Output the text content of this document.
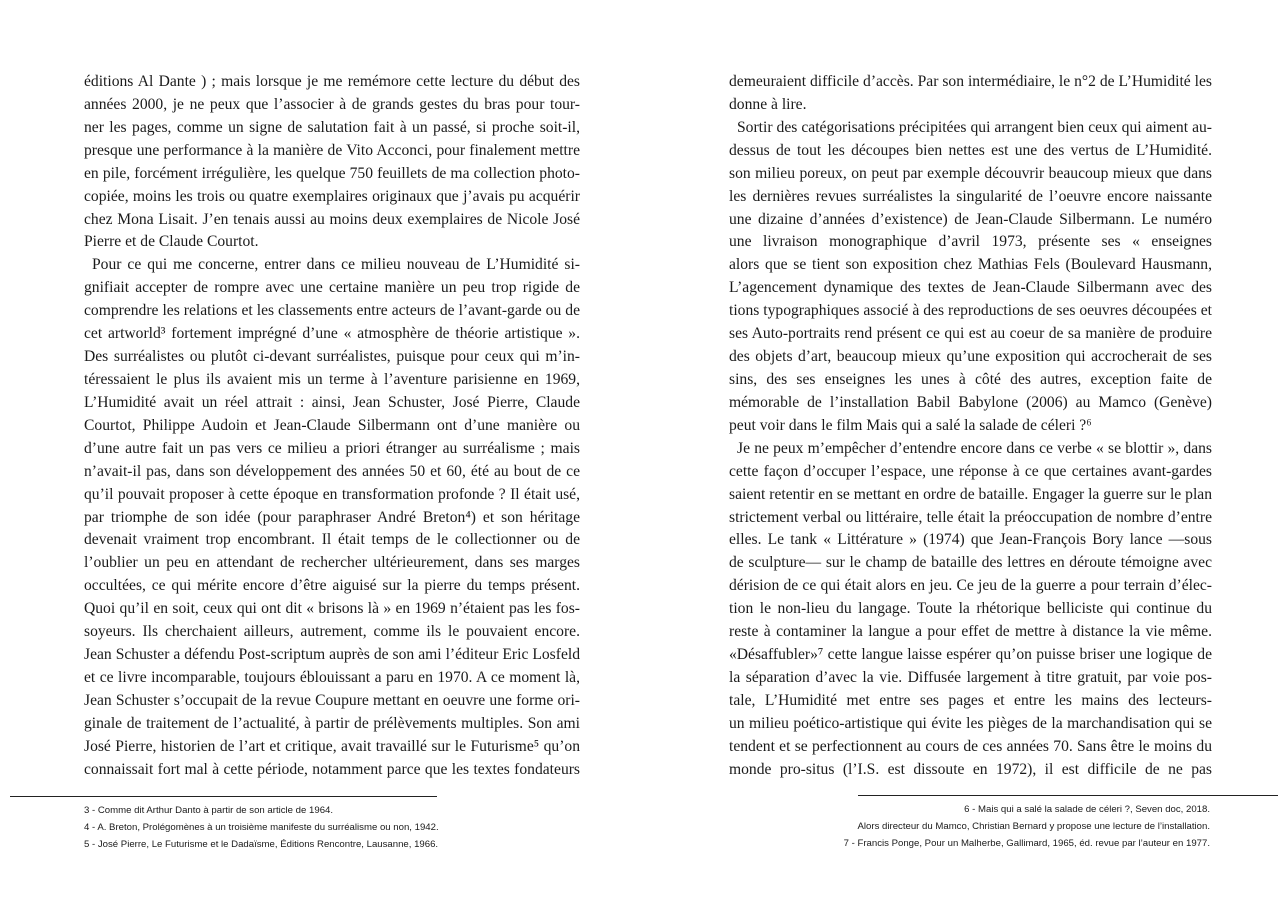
éditions Al Dante ) ; mais lorsque je me remémore cette lecture du début des
années 2000, je ne peux que l’associer à de grands gestes du bras pour tour-
ner les pages, comme un signe de salutation fait à un passé, si proche soit-il,
presque une performance à la manière de Vito Acconci, pour finalement mettre
en pile, forcément irrégulière, les quelque 750 feuillets de ma collection photo-
copiée, moins les trois ou quatre exemplaires originaux que j’avais pu acquérir
chez Mona Lisait. J’en tenais aussi au moins deux exemplaires de Nicole José
Pierre et de Claude Courtot.
Pour ce qui me concerne, entrer dans ce milieu nouveau de L’Humidité si-
gnifiait accepter de rompre avec une certaine manière un peu trop rigide de
comprendre les relations et les classements entre acteurs de l’avant-garde ou de
cet artworld³ fortement imprégné d’une « atmosphère de théorie artistique ».
Des surréalistes ou plutôt ci-devant surréalistes, puisque pour ceux qui m’in-
téressaient le plus ils avaient mis un terme à l’aventure parisienne en 1969,
L’Humidité avait un réel attrait : ainsi, Jean Schuster, José Pierre, Claude
Courtot, Philippe Audoin et Jean-Claude Silbermann ont d’une manière ou
d’une autre fait un pas vers ce milieu a priori étranger au surréalisme ; mais
n’avait-il pas, dans son développement des années 50 et 60, été au bout de ce
qu’il pouvait proposer à cette époque en transformation profonde ? Il était usé,
par triomphe de son idée (pour paraphraser André Breton⁴) et son héritage
devenait vraiment trop encombrant. Il était temps de le collectionner ou de
l’oublier un peu en attendant de rechercher ultérieurement, dans ses marges
occultées, ce qui mérite encore d’être aiguisé sur la pierre du temps présent.
Quoi qu’il en soit, ceux qui ont dit « brisons là » en 1969 n’étaient pas les fos-
soyeurs. Ils cherchaient ailleurs, autrement, comme ils le pouvaient encore.
Jean Schuster a défendu Post-scriptum auprès de son ami l’éditeur Eric Losfeld
et ce livre incomparable, toujours éblouissant a paru en 1970. A ce moment là,
Jean Schuster s’occupait de la revue Coupure mettant en oeuvre une forme ori-
ginale de traitement de l’actualité, à partir de prélèvements multiples. Son ami
José Pierre, historien de l’art et critique, avait travaillé sur le Futurisme⁵ qu’on
connaissait fort mal à cette période, notamment parce que les textes fondateurs
demeuraient difficile d’accès. Par son intermédiaire, le n°2 de L’Humidité les
donne à lire.
Sortir des catégorisations précipitées qui arrangent bien ceux qui aiment au-
dessus de tout les découpes bien nettes est une des vertus de L’Humidité.
son milieu poreux, on peut par exemple découvrir beaucoup mieux que dans
les dernières revues surréalistes la singularité de l’oeuvre encore naissante
une dizaine d’années d’existence) de Jean-Claude Silbermann. Le numéro
une livraison monographique d’avril 1973, présente ses « enseignes
alors que se tient son exposition chez Mathias Fels (Boulevard Hausmann,
L’agencement dynamique des textes de Jean-Claude Silbermann avec des
tions typographiques associé à des reproductions de ses oeuvres découpées et
ses Auto-portraits rend présent ce qui est au coeur de sa manière de produire
des objets d’art, beaucoup mieux qu’une exposition qui accrocherait de ses
sins, des ses enseignes les unes à côté des autres, exception faite de
mémorable de l’installation Babil Babylone (2006) au Mamco (Genève)
peut voir dans le film Mais qui a salé la salade de céleri ?⁶
Je ne peux m’empêcher d’entendre encore dans ce verbe « se blottir », dans
cette façon d’occuper l’espace, une réponse à ce que certaines avant-gardes
saient retentir en se mettant en ordre de bataille. Engager la guerre sur le plan
strictement verbal ou littéraire, telle était la préoccupation de nombre d’entre
elles. Le tank « Littérature » (1974) que Jean-François Bory lance —sous
de sculpture— sur le champ de bataille des lettres en déroute témoigne avec
dérision de ce qui était alors en jeu. Ce jeu de la guerre a pour terrain d’élec-
tion le non-lieu du langage. Toute la rhétorique belliciste qui continue du
reste à contaminer la langue a pour effet de mettre à distance la vie même.
«Désaffubler»⁷ cette langue laisse espérer qu’on puisse briser une logique de
la séparation d’avec la vie. Diffusée largement à titre gratuit, par voie pos-
tale, L’Humidité met entre ses pages et entre les mains des lecteurs-
un milieu poético-artistique qui évite les pièges de la marchandisation qui se
tendent et se perfectionnent au cours de ces années 70. Sans être le moins du
monde pro-situs (l’I.S. est dissoute en 1972), il est difficile de ne pas
3 - Comme dit Arthur Danto à partir de son article de 1964.
4 - A. Breton, Prolégomènes à un troisième manifeste du surréalisme ou non, 1942.
5 - José Pierre, Le Futurisme et le Dadaïsme, Éditions Rencontre, Lausanne, 1966.
6 - Mais qui a salé la salade de céleri ?, Seven doc, 2018.
Alors directeur du Mamco, Christian Bernard y propose une lecture de l’installation.
7 - Francis Ponge, Pour un Malherbe, Gallimard, 1965, éd. revue par l’auteur en 1977.
